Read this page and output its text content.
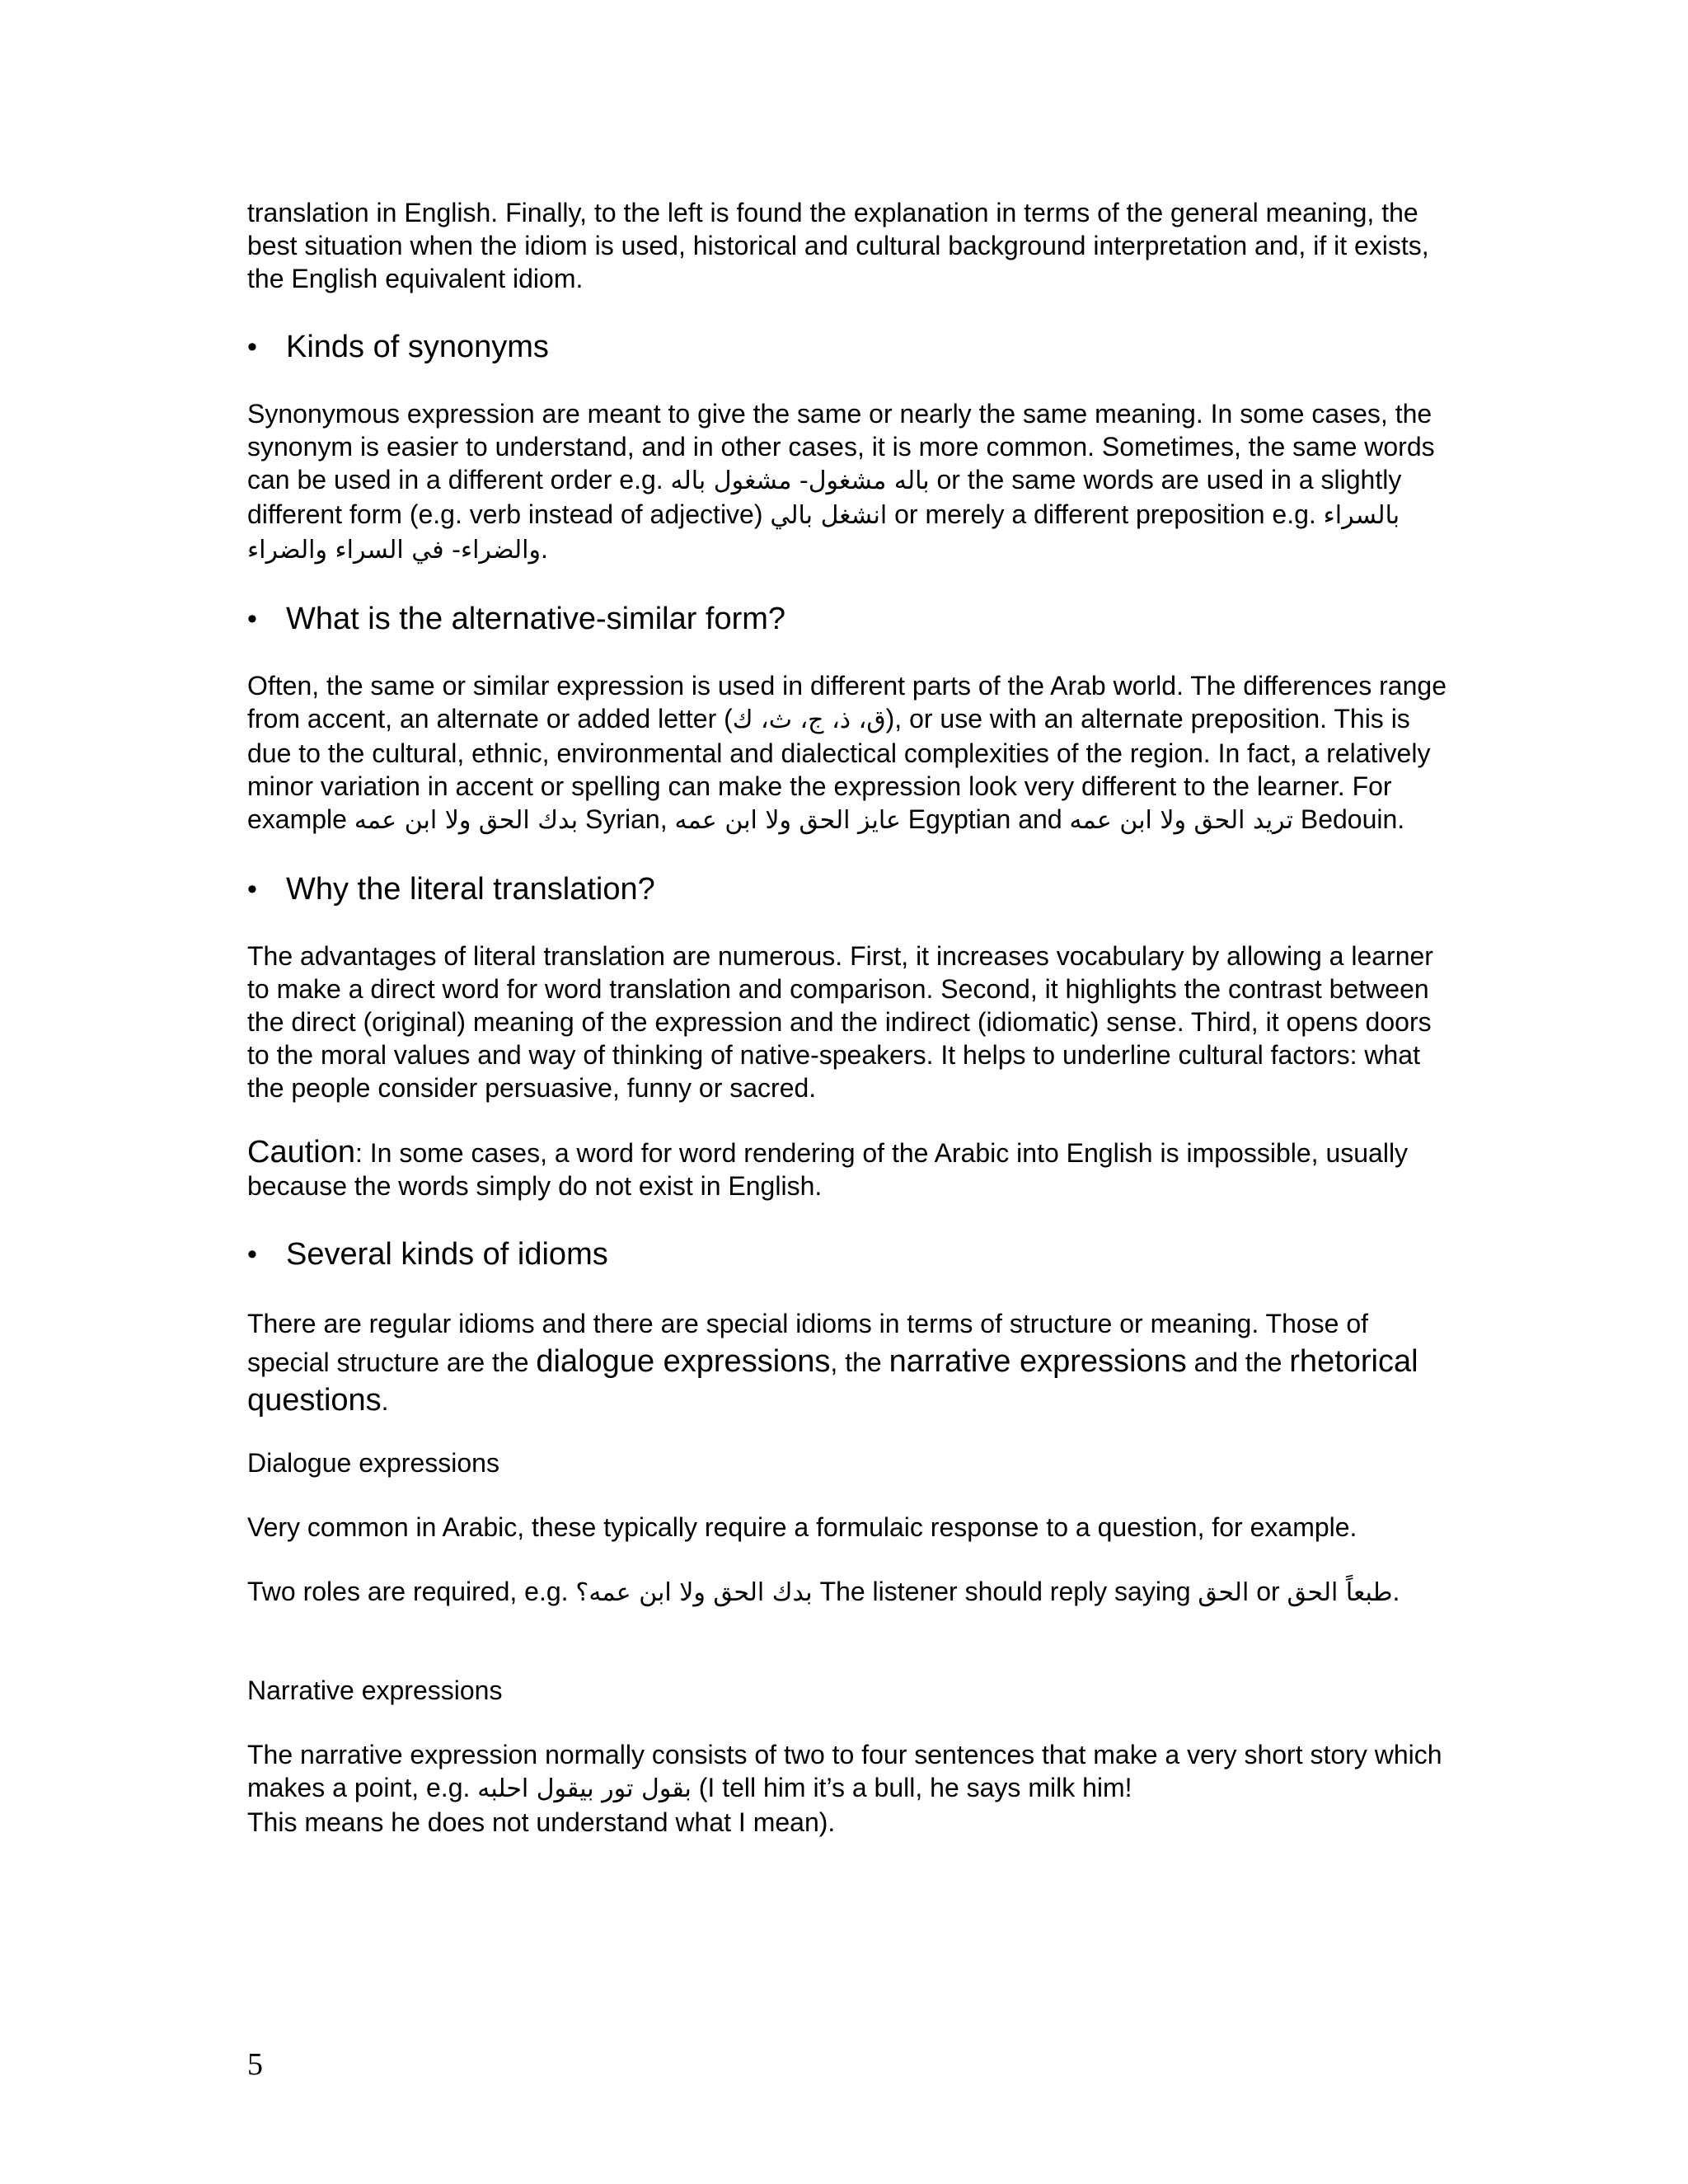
translation in English. Finally, to the left is found the explanation in terms of the general meaning, the best situation when the idiom is used, historical and cultural background interpretation and, if it exists, the English equivalent idiom.

• Kinds of synonyms

Synonymous expression are meant to give the same or nearly the same meaning. In some cases, the synonym is easier to understand, and in other cases, it is more common. Sometimes, the same words can be used in a different order e.g. باله مشغول- مشغول باله or the same words are used in a slightly different form (e.g. verb instead of adjective) انشغل بالي or merely a different preposition e.g. بالسراء والضراء- في السراء والضراء.

• What is the alternative-similar form?

Often, the same or similar expression is used in different parts of the Arab world. The differences range from accent, an alternate or added letter (ق، ذ، ج، ث، ك), or use with an alternate preposition. This is due to the cultural, ethnic, environmental and dialectical complexities of the region. In fact, a relatively minor variation in accent or spelling can make the expression look very different to the learner. For example بدك الحق ولا ابن عمه Syrian, عايز الحق ولا ابن عمه Egyptian and تريد الحق ولا ابن عمه Bedouin.

• Why the literal translation?

The advantages of literal translation are numerous. First, it increases vocabulary by allowing a learner to make a direct word for word translation and comparison. Second, it highlights the contrast between the direct (original) meaning of the expression and the indirect (idiomatic) sense. Third, it opens doors to the moral values and way of thinking of native-speakers. It helps to underline cultural factors: what the people consider persuasive, funny or sacred.

Caution: In some cases, a word for word rendering of the Arabic into English is impossible, usually because the words simply do not exist in English.

• Several kinds of idioms

There are regular idioms and there are special idioms in terms of structure or meaning. Those of special structure are the dialogue expressions, the narrative expressions and the rhetorical questions.

Dialogue expressions

Very common in Arabic, these typically require a formulaic response to a question, for example.

Two roles are required, e.g. بدك الحق ولا ابن عمه؟ The listener should reply saying الحق or طبعاً الحق.

Narrative expressions

The narrative expression normally consists of two to four sentences that make a very short story which makes a point, e.g. بقول تور بيقول احلبه (I tell him it’s a bull, he says milk him!
This means he does not understand what I mean).

5
